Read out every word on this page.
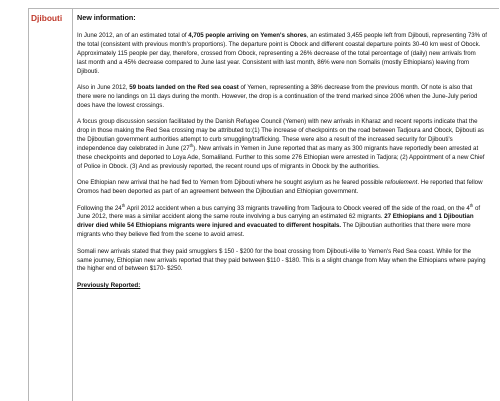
Djibouti New information:

In June 2012, an of an estimated total of 4,705 people arriving on Yemen's shores, an estimated 3,455 people left from Djibouti, representing 73% of the total (consistent with previous month's proportions). The departure point is Obock and different coastal departure points 30-40 km west of Obock. Approximately 115 people per day, therefore, crossed from Obock, representing a 26% decrease of the total percentage of (daily) new arrivals from last month and a 45% decrease compared to June last year. Consistent with last month, 86% were non Somalis (mostly Ethiopians) leaving from Djibouti.

Also in June 2012, 59 boats landed on the Red sea coast of Yemen, representing a 38% decrease from the previous month. Of note is also that there were no landings on 11 days during the month. However, the drop is a continuation of the trend marked since 2006 when the June-July period does have the lowest crossings.

A focus group discussion session facilitated by the Danish Refugee Council (Yemen) with new arrivals in Kharaz and recent reports indicate that the drop in those making the Red Sea crossing may be attributed to:(1) The increase of checkpoints on the road between Tadjoura and Obock, Djibouti as the Djiboutian government authorities attempt to curb smuggling/trafficking. These were also a result of the increased security for Djibouti's independence day celebrated in June (27th). New arrivals in Yemen in June reported that as many as 300 migrants have reportedly been arrested at these checkpoints and deported to Loya Ade, Somaliland. Further to this some 276 Ethiopian were arrested in Tadjora; (2) Appointment of a new Chief of Police in Obock. (3) And as previously reported, the recent round ups of migrants in Obock by the authorities.

One Ethiopian new arrival that he had fled to Yemen from Djibouti where he sought asylum as he feared possible refoulement. He reported that fellow Oromos had been deported as part of an agreement between the Djiboutian and Ethiopian government.

Following the 24th April 2012 accident when a bus carrying 33 migrants travelling from Tadjoura to Obock veered off the side of the road, on the 4th of June 2012, there was a similar accident along the same route involving a bus carrying an estimated 62 migrants. 27 Ethiopians and 1 Djiboutian driver died while 54 Ethiopians migrants were injured and evacuated to different hospitals. The Djiboutian authorities that there were more migrants who they believe fled from the scene to avoid arrest.

Somali new arrivals stated that they paid smugglers $ 150 - $200 for the boat crossing from Djibouti-ville to Yemen's Red Sea coast. While for the same journey, Ethiopian new arrivals reported that they paid between $110 - $180. This is a slight change from May when the Ethiopians where paying the higher end of between $170- $250.

Previously Reported:
